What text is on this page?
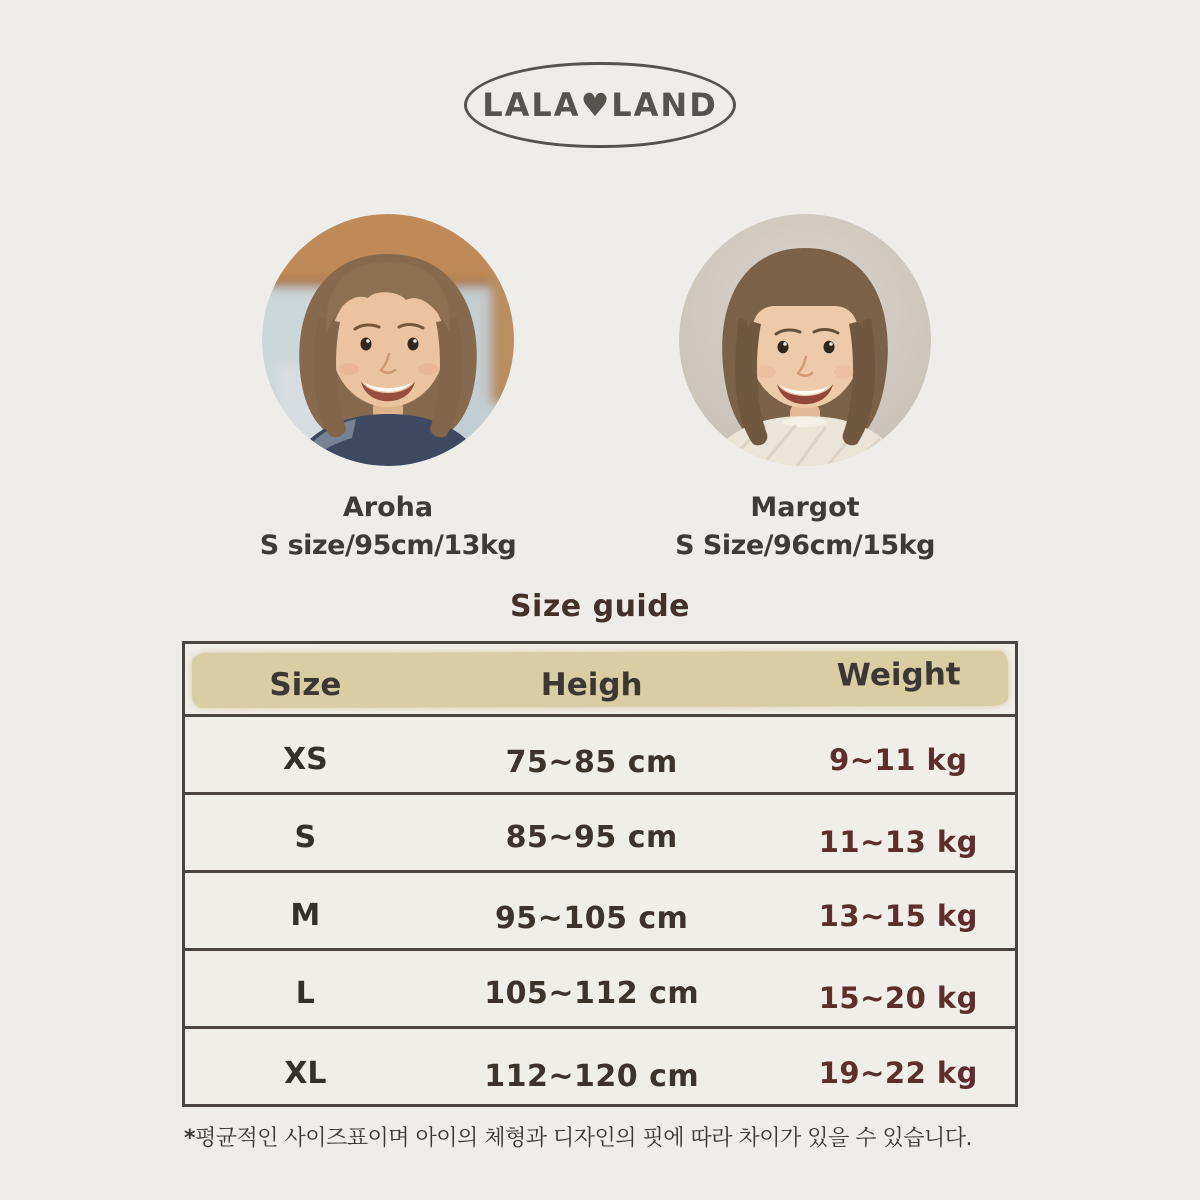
LALA♥LAND
Aroha
S size/95cm/13kg
Margot
S Size/96cm/15kg
Size guide
Size	Heigh	Weight
XS	75~85 cm	9~11 kg
S	85~95 cm	11~13 kg
M	95~105 cm	13~15 kg
L	105~112 cm	15~20 kg
XL	112~120 cm	19~22 kg
*평균적인 사이즈표이며 아이의 체형과 디자인의 핏에 따라 차이가 있을 수 있습니다.
